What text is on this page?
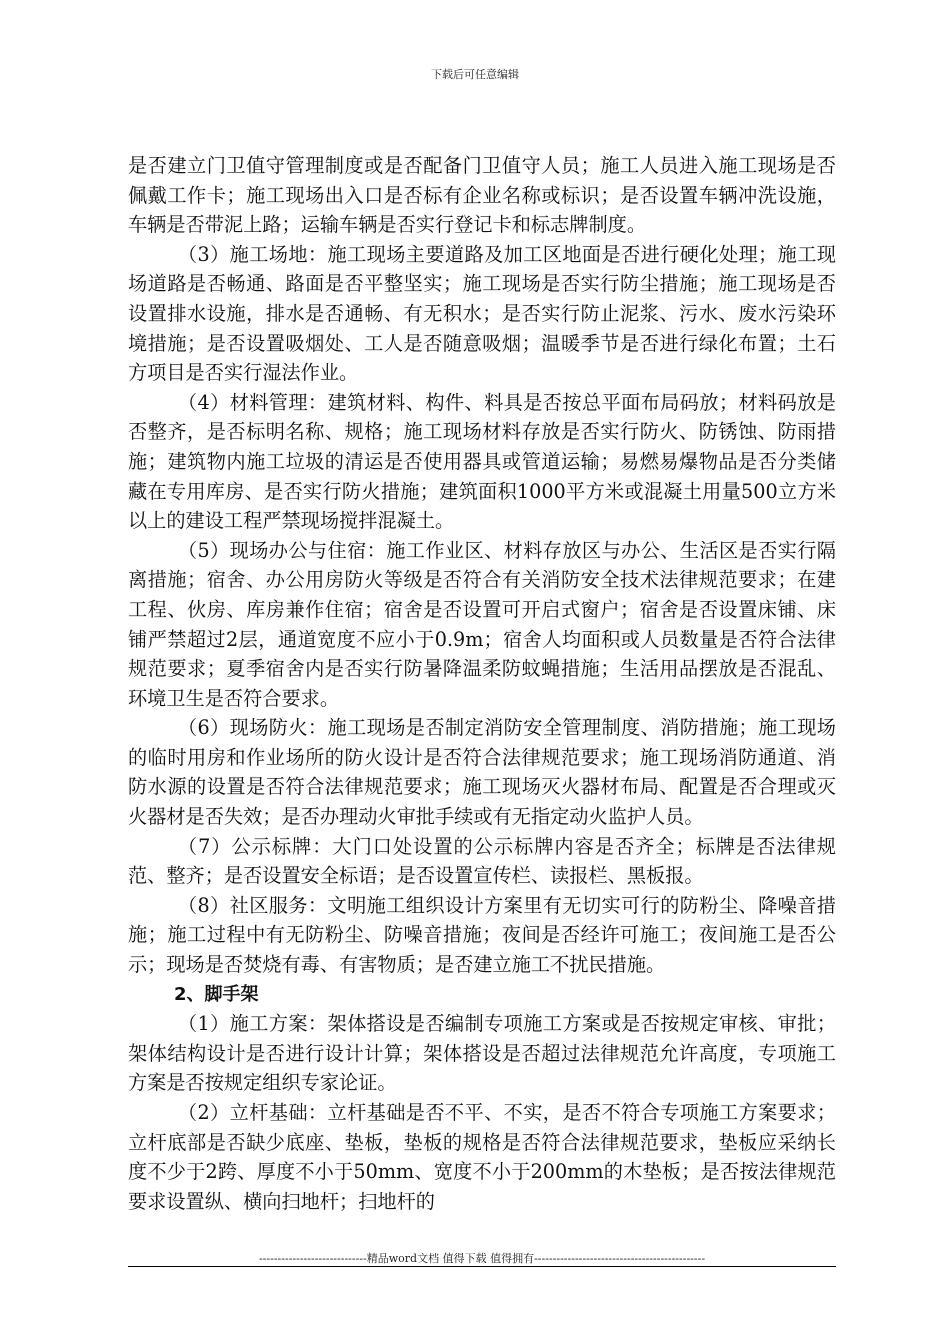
下载后可任意编辑

是否建立门卫值守管理制度或是否配备门卫值守人员；施工人员进入施工现场是否佩戴工作卡；施工现场出入口是否标有企业名称或标识；是否设置车辆冲洗设施，车辆是否带泥上路；运输车辆是否实行登记卡和标志牌制度。

（3）施工场地：施工现场主要道路及加工区地面是否进行硬化处理；施工现场道路是否畅通、路面是否平整坚实；施工现场是否实行防尘措施；施工现场是否设置排水设施，排水是否通畅、有无积水；是否实行防止泥浆、污水、废水污染环境措施；是否设置吸烟处、工人是否随意吸烟；温暖季节是否进行绿化布置；土石方项目是否实行湿法作业。

（4）材料管理：建筑材料、构件、料具是否按总平面布局码放；材料码放是否整齐，是否标明名称、规格；施工现场材料存放是否实行防火、防锈蚀、防雨措施；建筑物内施工垃圾的清运是否使用器具或管道运输；易燃易爆物品是否分类储藏在专用库房、是否实行防火措施；建筑面积1000平方米或混凝土用量500立方米以上的建设工程严禁现场搅拌混凝土。

（5）现场办公与住宿：施工作业区、材料存放区与办公、生活区是否实行隔离措施；宿舍、办公用房防火等级是否符合有关消防安全技术法律规范要求；在建工程、伙房、库房兼作住宿；宿舍是否设置可开启式窗户；宿舍是否设置床铺、床铺严禁超过2层，通道宽度不应小于0.9m；宿舍人均面积或人员数量是否符合法律规范要求；夏季宿舍内是否实行防暑降温柔防蚊蝇措施；生活用品摆放是否混乱、环境卫生是否符合要求。

（6）现场防火：施工现场是否制定消防安全管理制度、消防措施；施工现场的临时用房和作业场所的防火设计是否符合法律规范要求；施工现场消防通道、消防水源的设置是否符合法律规范要求；施工现场灭火器材布局、配置是否合理或灭火器材是否失效；是否办理动火审批手续或有无指定动火监护人员。

（7）公示标牌：大门口处设置的公示标牌内容是否齐全；标牌是否法律规范、整齐；是否设置安全标语；是否设置宣传栏、读报栏、黑板报。

（8）社区服务：文明施工组织设计方案里有无切实可行的防粉尘、降噪音措施；施工过程中有无防粉尘、防噪音措施；夜间是否经许可施工；夜间施工是否公示；现场是否焚烧有毒、有害物质；是否建立施工不扰民措施。

2、脚手架

（1）施工方案：架体搭设是否编制专项施工方案或是否按规定审核、审批；架体结构设计是否进行设计计算；架体搭设是否超过法律规范允许高度，专项施工方案是否按规定组织专家论证。

（2）立杆基础：立杆基础是否不平、不实，是否不符合专项施工方案要求；立杆底部是否缺少底座、垫板，垫板的规格是否符合法律规范要求，垫板应采纳长度不少于2跨、厚度不小于50mm、宽度不小于200mm的木垫板；是否按法律规范要求设置纵、横向扫地杆；扫地杆的

-----------------------------精品word文档 值得下载 值得拥有----------------------------------------------
